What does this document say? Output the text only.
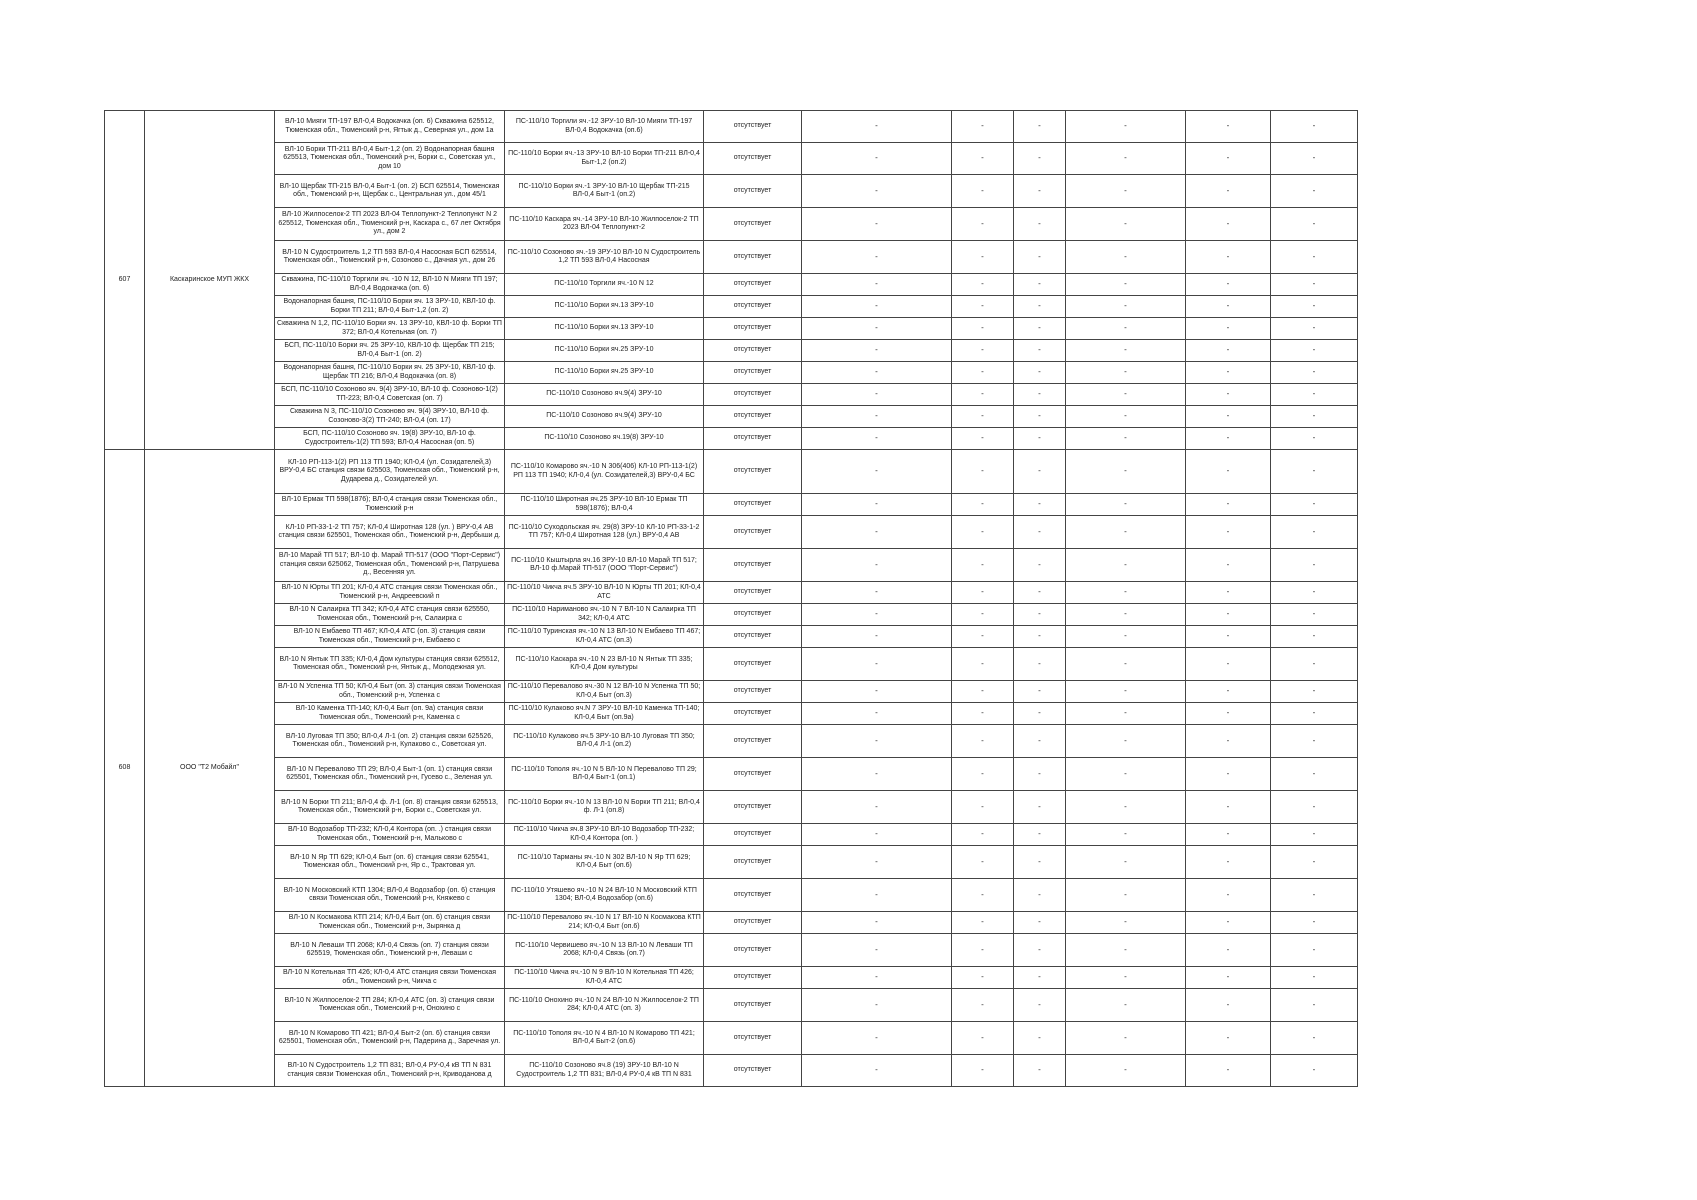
607	Каскаринское МУП ЖКХ	ВЛ-10 Мияги ТП-197 ВЛ-0,4 Водокачка (оп. 6) Скважина 625512, Тюменская обл., Тюменский р-н, Ягтык д., Северная ул., дом 1а	ПС-110/10 Торгили яч.-12 ЗРУ-10 ВЛ-10 Мияги ТП-197 ВЛ-0,4 Водокачка (оп.6)	отсутствует	-	-	-	-	-	-
		ВЛ-10 Борки ТП-211 ВЛ-0,4 Быт-1,2 (оп. 2) Водонапорная башня 625513, Тюменская обл., Тюменский р-н, Борки с., Советская ул., дом 10	ПС-110/10 Борки яч.-13 ЗРУ-10 ВЛ-10 Борки ТП-211 ВЛ-0,4 Быт-1,2 (оп.2)	отсутствует	-	-	-	-	-	-
		ВЛ-10 Щербак ТП-215 ВЛ-0,4 Быт-1 (оп. 2) БСП 625514, Тюменская обл., Тюменский р-н, Щербак с., Центральная ул., дом 45/1	ПС-110/10 Борки яч.-1 ЗРУ-10 ВЛ-10 Щербак ТП-215 ВЛ-0,4 Быт-1 (оп.2)	отсутствует	-	-	-	-	-	-
		ВЛ-10 Жилпоселок-2 ТП 2023 ВЛ-04 Теплопункт-2 Теплопункт N 2 625512, Тюменская обл., Тюменский р-н, Каскара с., 67 лет Октября ул., дом 2	ПС-110/10 Каскара яч.-14 ЗРУ-10 ВЛ-10 Жилпоселок-2 ТП 2023 ВЛ-04 Теплопункт-2	отсутствует	-	-	-	-	-	-
		ВЛ-10 N Судостроитель 1,2 ТП 593 ВЛ-0,4 Насосная БСП 625514, Тюменская обл., Тюменский р-н, Созоново с., Дачная ул., дом 26	ПС-110/10 Созоново яч.-19 ЗРУ-10 ВЛ-10 N Судостроитель 1,2 ТП 593 ВЛ-0,4 Насосная	отсутствует	-	-	-	-	-	-
		Скважина, ПС-110/10 Торгили яч. -10 N 12, ВЛ-10 N Мияги ТП 197; ВЛ-0,4 Водокачка (оп. 6)	ПС-110/10 Торгили яч.-10 N 12	отсутствует	-	-	-	-	-	-
		Водонапорная башня, ПС-110/10 Борки яч. 13 ЗРУ-10, КВЛ-10 ф. Борки ТП 211; ВЛ-0,4 Быт-1,2 (оп. 2)	ПС-110/10 Борки яч.13 ЗРУ-10	отсутствует	-	-	-	-	-	-
		Скважина N 1,2, ПС-110/10 Борки яч. 13 ЗРУ-10, КВЛ-10 ф. Борки ТП 372; ВЛ-0,4 Котельная (оп. 7)	ПС-110/10 Борки яч.13 ЗРУ-10	отсутствует	-	-	-	-	-	-
		БСП, ПС-110/10 Борки яч. 25 ЗРУ-10, КВЛ-10 ф. Щербак ТП 215; ВЛ-0,4 Быт-1 (оп. 2)	ПС-110/10 Борки яч.25 ЗРУ-10	отсутствует	-	-	-	-	-	-
		Водонапорная башня, ПС-110/10 Борки яч. 25 ЗРУ-10, КВЛ-10 ф. Щербак ТП 216; ВЛ-0,4 Водокачка (оп. 8)	ПС-110/10 Борки яч.25 ЗРУ-10	отсутствует	-	-	-	-	-	-
		БСП, ПС-110/10 Созоново яч. 9(4) ЗРУ-10, ВЛ-10 ф. Созоново-1(2) ТП-223; ВЛ-0,4 Советская (оп. 7)	ПС-110/10 Созоново яч.9(4) ЗРУ-10	отсутствует	-	-	-	-	-	-
		Скважина N 3, ПС-110/10 Созоново яч. 9(4) ЗРУ-10, ВЛ-10 ф. Созоново-3(2) ТП-240; ВЛ-0,4 (оп. 17)	ПС-110/10 Созоново яч.9(4) ЗРУ-10	отсутствует	-	-	-	-	-	-
		БСП, ПС-110/10 Созоново яч. 19(8) ЗРУ-10, ВЛ-10 ф. Судостроитель-1(2) ТП 593; ВЛ-0,4 Насосная (оп. 5)	ПС-110/10 Созоново яч.19(8) ЗРУ-10	отсутствует	-	-	-	-	-	-
608	ООО "Т2 Мобайл"	КЛ-10 РП-113-1(2) РП 113 ТП 1940; КЛ-0,4 (ул. Созидателей,3) ВРУ-0,4 БС станция связи 625503, Тюменская обл., Тюменский р-н, Дударева д., Созидателей ул.	ПС-110/10 Комарово яч.-10 N 306(406) КЛ-10 РП-113-1(2) РП 113 ТП 1940; КЛ-0,4 (ул. Созидателей,3) ВРУ-0,4 БС	отсутствует	-	-	-	-	-	-
		ВЛ-10 Ермак ТП 598(1876); ВЛ-0,4 станция связи Тюменская обл., Тюменский р-н	ПС-110/10 Широтная яч.25 ЗРУ-10 ВЛ-10 Ермак ТП 598(1876); ВЛ-0,4	отсутствует	-	-	-	-	-	-
		КЛ-10 РП-33-1-2 ТП 757; КЛ-0,4 Широтная 128 (ул. ) ВРУ-0,4 АВ станция связи 625501, Тюменская обл., Тюменский р-н, Дербыши д.	ПС-110/10 Суходольская яч. 29(8) ЗРУ-10 КЛ-10 РП-33-1-2 ТП 757; КЛ-0,4 Широтная 128 (ул.) ВРУ-0,4 АВ	отсутствует	-	-	-	-	-	-
		ВЛ-10 Марай ТП 517; ВЛ-10 ф. Марай ТП-517 (ООО "Порт-Сервис") станция связи 625062, Тюменская обл., Тюменский р-н, Патрушева д., Весенняя ул.	ПС-110/10 Кыштырла яч.16 ЗРУ-10 ВЛ-10 Марай ТП 517; ВЛ-10 ф.Марай ТП-517 (ООО "Порт-Сервис")	отсутствует	-	-	-	-	-	-
		ВЛ-10 N Юрты ТП 201; КЛ-0,4 АТС станция связи Тюменская обл., Тюменский р-н, Андреевский п	ПС-110/10 Чикча яч.5 ЗРУ-10 ВЛ-10 N Юрты ТП 201; КЛ-0,4 АТС	отсутствует	-	-	-	-	-	-
		ВЛ-10 N Салаирка ТП 342; КЛ-0,4 АТС станция связи 625550, Тюменская обл., Тюменский р-н, Салаирка с	ПС-110/10 Наримановo яч.-10 N 7 ВЛ-10 N Салаирка ТП 342; КЛ-0,4 АТС	отсутствует	-	-	-	-	-	-
		ВЛ-10 N Ембаево ТП 467; КЛ-0,4 АТС (оп. 3) станция связи Тюменская обл., Тюменский р-н, Ембаево с	ПС-110/10 Туринская яч.-10 N 13 ВЛ-10 N Ембаево ТП 467; КЛ-0,4 АТС (оп.3)	отсутствует	-	-	-	-	-	-
		ВЛ-10 N Янтык ТП 335; КЛ-0,4 Дом культуры станция связи 625512, Тюменская обл., Тюменский р-н, Янтык д., Молодежная ул.	ПС-110/10 Каскара яч.-10 N 23 ВЛ-10 N Янтык ТП 335; КЛ-0,4 Дом культуры	отсутствует	-	-	-	-	-	-
		ВЛ-10 N Успенка ТП 50; КЛ-0,4 Быт (оп. 3) станция связи Тюменская обл., Тюменский р-н, Успенка с	ПС-110/10 Перевалово яч.-30 N 12 ВЛ-10 N Успенка ТП 50; КЛ-0,4 Быт (оп.3)	отсутствует	-	-	-	-	-	-
		ВЛ-10 Каменка ТП-140; КЛ-0,4 Быт (оп. 9а) станция связи Тюменская обл., Тюменский р-н, Каменка с	ПС-110/10 Кулаково яч.N 7 ЗРУ-10 ВЛ-10 Каменка ТП-140; КЛ-0,4 Быт (оп.9а)	отсутствует	-	-	-	-	-	-
		ВЛ-10 Луговая ТП 350; ВЛ-0,4 Л-1 (оп. 2) станция связи 625526, Тюменская обл., Тюменский р-н, Кулаково с., Советская ул.	ПС-110/10 Кулаково яч.5 ЗРУ-10 ВЛ-10 Луговая ТП 350; ВЛ-0,4 Л-1 (оп.2)	отсутствует	-	-	-	-	-	-
		ВЛ-10 N Перевалово ТП 29; ВЛ-0,4 Быт-1 (оп. 1) станция связи 625501, Тюменская обл., Тюменский р-н, Гусево с., Зеленая ул.	ПС-110/10 Тополя яч.-10 N 5 ВЛ-10 N Перевалово ТП 29; ВЛ-0,4 Быт-1 (оп.1)	отсутствует	-	-	-	-	-	-
		ВЛ-10 N Борки ТП 211; ВЛ-0,4 ф. Л-1 (оп. 8) станция связи 625513, Тюменская обл., Тюменский р-н, Борки с., Советская ул.	ПС-110/10 Борки яч.-10 N 13 ВЛ-10 N Борки ТП 211; ВЛ-0,4 ф. Л-1 (оп.8)	отсутствует	-	-	-	-	-	-
		ВЛ-10 Водозабор ТП-232; КЛ-0,4 Контора (оп. .) станция связи Тюменская обл., Тюменский р-н, Мальково с	ПС-110/10 Чикча яч.8 ЗРУ-10 ВЛ-10 Водозабор ТП-232; КЛ-0,4 Контора (оп. )	отсутствует	-	-	-	-	-	-
		ВЛ-10 N Яр ТП 629; КЛ-0,4 Быт (оп. 6) станция связи 625541, Тюменская обл., Тюменский р-н, Яр с., Трактовая ул.	ПС-110/10 Тарманы яч.-10 N 302 ВЛ-10 N Яр ТП 629; КЛ-0,4 Быт (оп.6)	отсутствует	-	-	-	-	-	-
		ВЛ-10 N Московский КТП 1304; ВЛ-0,4 Водозабор (оп. 6) станция связи Тюменская обл., Тюменский р-н, Княжево с	ПС-110/10 Утяшево яч.-10 N 24 ВЛ-10 N Московский КТП 1304; ВЛ-0,4 Водозабор (оп.6)	отсутствует	-	-	-	-	-	-
		ВЛ-10 N Космакова КТП 214; КЛ-0,4 Быт (оп. 6) станция связи Тюменская обл., Тюменский р-н, Зырянка д	ПС-110/10 Перевалово яч.-10 N 17 ВЛ-10 N Космакова КТП 214; КЛ-0,4 Быт (оп.6)	отсутствует	-	-	-	-	-	-
		ВЛ-10 N Леваши ТП 2068; КЛ-0,4 Связь (оп. 7) станция связи 625519, Тюменская обл., Тюменский р-н, Леваши с	ПС-110/10 Червишево яч.-10 N 13 ВЛ-10 N Леваши ТП 2068; КЛ-0,4 Связь (оп.7)	отсутствует	-	-	-	-	-	-
		ВЛ-10 N Котельная ТП 426; КЛ-0,4 АТС станция связи Тюменская обл., Тюменский р-н, Чикча с	ПС-110/10 Чикча яч.-10 N 9 ВЛ-10 N Котельная ТП 426; КЛ-0,4 АТС	отсутствует	-	-	-	-	-	-
		ВЛ-10 N Жилпоселок-2 ТП 284; КЛ-0,4 АТС (оп. 3) станция связи Тюменская обл., Тюменский р-н, Онохино с	ПС-110/10 Онохино яч.-10 N 24 ВЛ-10 N Жилпоселок-2 ТП 284; КЛ-0,4 АТС (оп. 3)	отсутствует	-	-	-	-	-	-
		ВЛ-10 N Комарово ТП 421; ВЛ-0,4 Быт-2 (оп. 6) станция связи 625501, Тюменская обл., Тюменский р-н, Падерина д., Заречная ул.	ПС-110/10 Тополя яч.-10 N 4 ВЛ-10 N Комарово ТП 421; ВЛ-0,4 Быт-2 (оп.6)	отсутствует	-	-	-	-	-	-
		ВЛ-10 N Судостроитель 1,2 ТП 831; ВЛ-0,4 РУ-0,4 кВ ТП N 831 станция связи Тюменская обл., Тюменский р-н, Криводанова д	ПС-110/10 Созоново яч.8 (19) ЗРУ-10 ВЛ-10 N Судостроитель 1,2 ТП 831; ВЛ-0,4 РУ-0,4 кВ ТП N 831	отсутствует	-	-	-	-	-	-
